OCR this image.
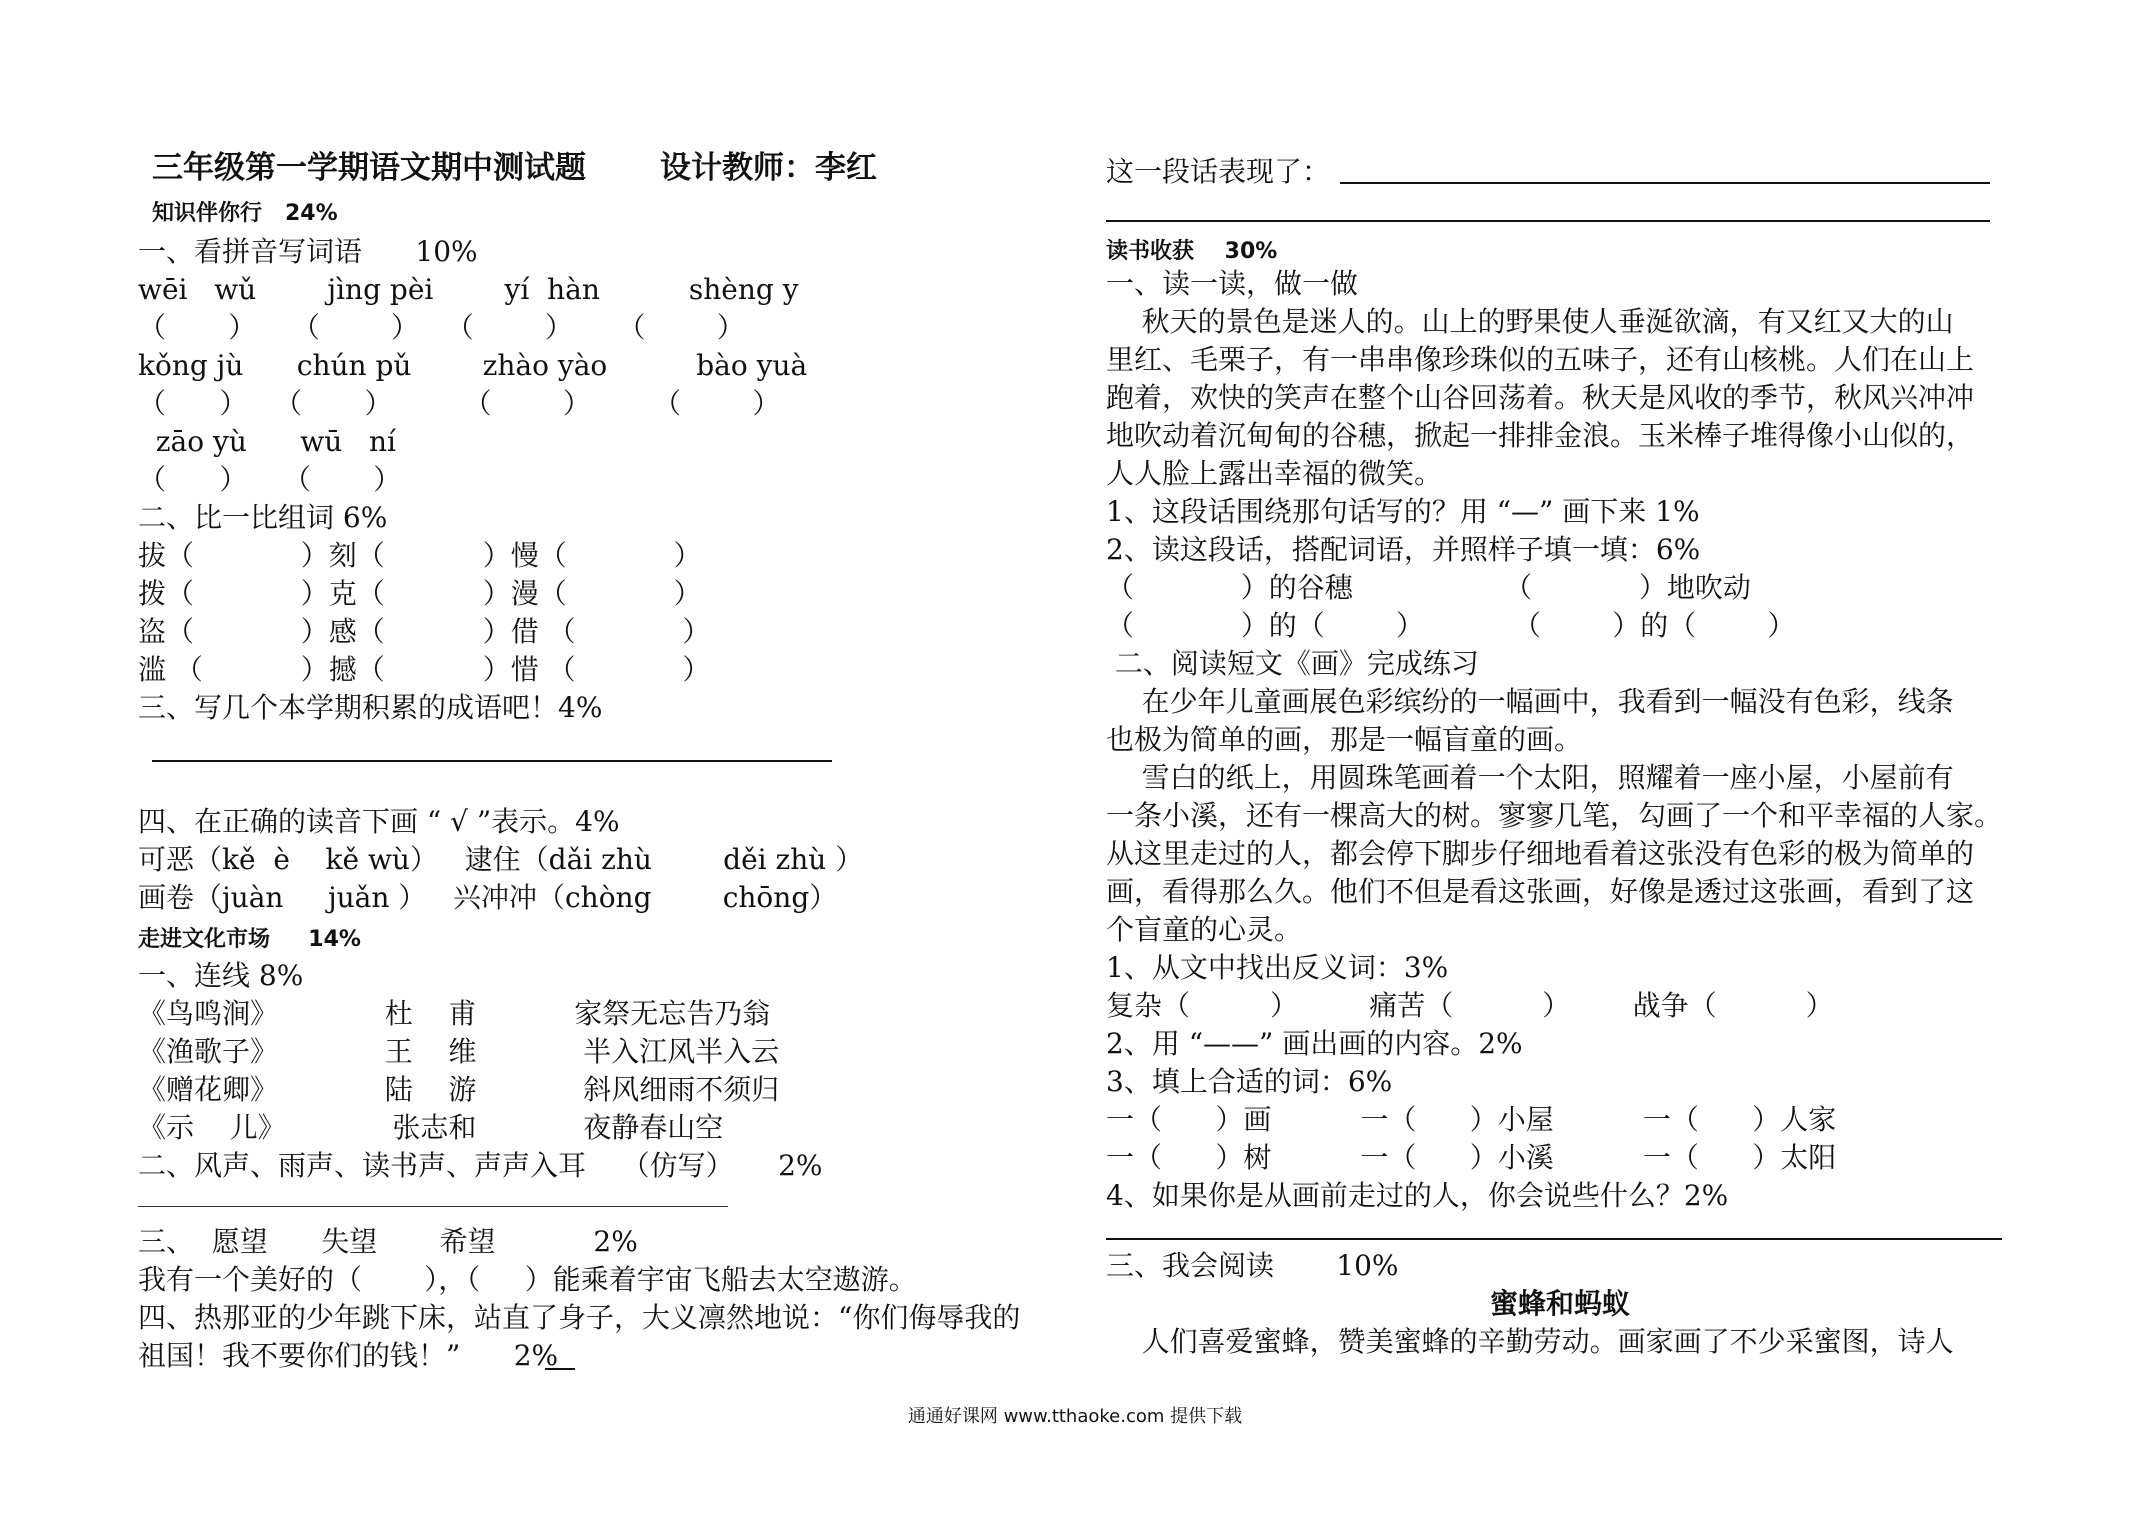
三年级第一学期语文期中测试题 设计教师：李红
知识伴你行   24%
一、看拼音写词语      10%
wēi   wǔ        jìng pèi        yí  hàn          shèng y
（       ）    （        ）   （        ）     （        ）
kǒng jù      chún pǔ        zhào yào          bào yuà
（      ）   （       ）        （        ）       （        ）
zāo yù      wū   ní
（      ）    （       ）
二、比一比组词 6%
拔（            ）刻（           ）慢（            ）
拨（            ）克（           ）漫（            ）
盗（            ）感（           ）借 （            ）
滥 （           ）撼（           ）惜 （            ）
三、写几个本学期积累的成语吧！4%
四、在正确的读音下画 “ √ ”表示。4%
可恶（kě  è    kě wù）   逮住（dǎi zhù        děi zhù ）
画卷（juàn     juǎn ）   兴冲冲（chòng        chōng）
走进文化市场     14%
一、连线 8%
《鸟鸣涧》            杜    甫           家祭无忘告乃翁
《渔歌子》            王    维            半入江风半入云
《赠花卿》            陆    游            斜风细雨不须归
《示    儿》            张志和            夜静春山空
二、风声、雨声、读书声、声声入耳    （仿写）     2%
三、  愿望      失望       希望           2%
我有一个美好的（       ），（     ）能乘着宇宙飞船去太空遨游。
四、热那亚的少年跳下床，站直了身子，大义凛然地说：“你们侮辱我的
祖国！我不要你们的钱！”      2%
这一段话表现了：
读书收获    30%
一、读一读，做一做
秋天的景色是迷人的。山上的野果使人垂涎欲滴，有又红又大的山
里红、毛栗子，有一串串像珍珠似的五味子，还有山核桃。人们在山上
跑着，欢快的笑声在整个山谷回荡着。秋天是风收的季节，秋风兴冲冲
地吹动着沉甸甸的谷穗，掀起一排排金浪。玉米棒子堆得像小山似的，
人人脸上露出幸福的微笑。
1、这段话围绕那句话写的？用 “—” 画下来 1%
2、读这段话，搭配词语，并照样子填一填：6%
（            ）的谷穗                 （            ）地吹动
（            ）的（        ）          （        ）的（        ）
二、阅读短文《画》完成练习
在少年儿童画展色彩缤纷的一幅画中，我看到一幅没有色彩，线条
也极为简单的画，那是一幅盲童的画。
雪白的纸上，用圆珠笔画着一个太阳，照耀着一座小屋，小屋前有
一条小溪，还有一棵高大的树。寥寥几笔，勾画了一个和平幸福的人家。
从这里走过的人，都会停下脚步仔细地看着这张没有色彩的极为简单的
画，看得那么久。他们不但是看这张画，好像是透过这张画，看到了这
个盲童的心灵。
1、从文中找出反义词：3%
复杂（         ）        痛苦（          ）       战争（          ）
2、用 “——” 画出画的内容。2%
3、填上合适的词：6%
一（      ）画          一（      ）小屋          一（      ）人家
一（      ）树          一（      ）小溪          一（      ）太阳
4、如果你是从画前走过的人，你会说些什么？2%
三、我会阅读       10%
蜜蜂和蚂蚁
人们喜爱蜜蜂，赞美蜜蜂的辛勤劳动。画家画了不少采蜜图，诗人
通通好课网 www.tthaoke.com 提供下载
